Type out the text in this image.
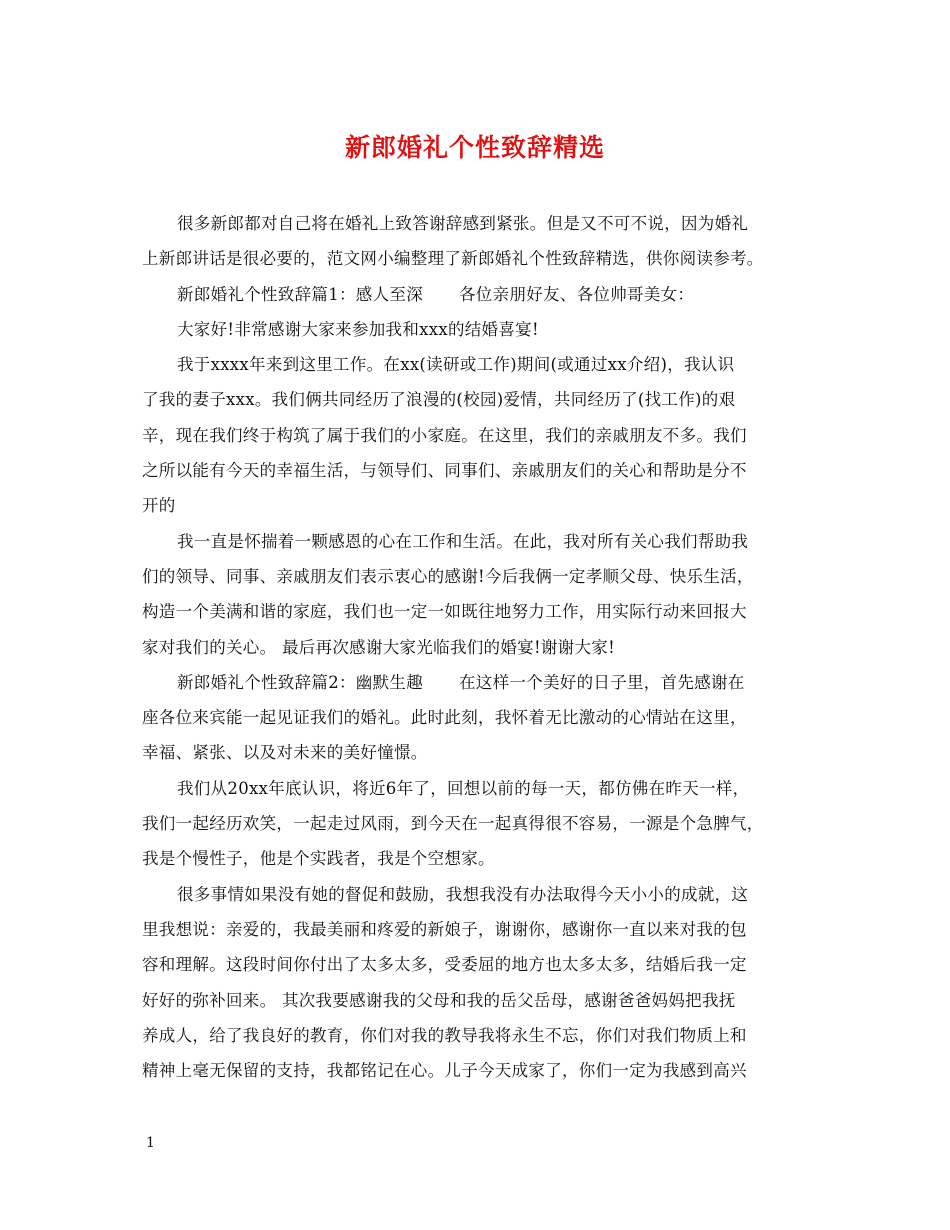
新郎婚礼个性致辞精选
很多新郎都对自己将在婚礼上致答谢辞感到紧张。但是又不可不说，因为婚礼
上新郎讲话是很必要的，范文网小编整理了新郎婚礼个性致辞精选，供你阅读参考。
新郎婚礼个性致辞篇1：感人至深 各位亲朋好友、各位帅哥美女：
大家好!非常感谢大家来参加我和xxx的结婚喜宴!
我于xxxx年来到这里工作。在xx(读研或工作)期间(或通过xx介绍)，我认识
了我的妻子xxx。我们俩共同经历了浪漫的(校园)爱情，共同经历了(找工作)的艰
辛，现在我们终于构筑了属于我们的小家庭。在这里，我们的亲戚朋友不多。我们
之所以能有今天的幸福生活，与领导们、同事们、亲戚朋友们的关心和帮助是分不
开的
我一直是怀揣着一颗感恩的心在工作和生活。在此，我对所有关心我们帮助我
们的领导、同事、亲戚朋友们表示衷心的感谢!今后我俩一定孝顺父母、快乐生活，
构造一个美满和谐的家庭，我们也一定一如既往地努力工作，用实际行动来回报大
家对我们的关心。 最后再次感谢大家光临我们的婚宴!谢谢大家!
新郎婚礼个性致辞篇2：幽默生趣 在这样一个美好的日子里，首先感谢在
座各位来宾能一起见证我们的婚礼。此时此刻，我怀着无比激动的心情站在这里，
幸福、紧张、以及对未来的美好憧憬。
我们从20xx年底认识，将近6年了，回想以前的每一天，都仿佛在昨天一样，
我们一起经历欢笑，一起走过风雨，到今天在一起真得很不容易，一源是个急脾气，
我是个慢性子，他是个实践者，我是个空想家。
很多事情如果没有她的督促和鼓励，我想我没有办法取得今天小小的成就，这
里我想说：亲爱的，我最美丽和疼爱的新娘子，谢谢你，感谢你一直以来对我的包
容和理解。这段时间你付出了太多太多，受委屈的地方也太多太多，结婚后我一定
好好的弥补回来。 其次我要感谢我的父母和我的岳父岳母，感谢爸爸妈妈把我抚
养成人，给了我良好的教育，你们对我的教导我将永生不忘，你们对我们物质上和
精神上毫无保留的支持，我都铭记在心。儿子今天成家了，你们一定为我感到高兴
1
